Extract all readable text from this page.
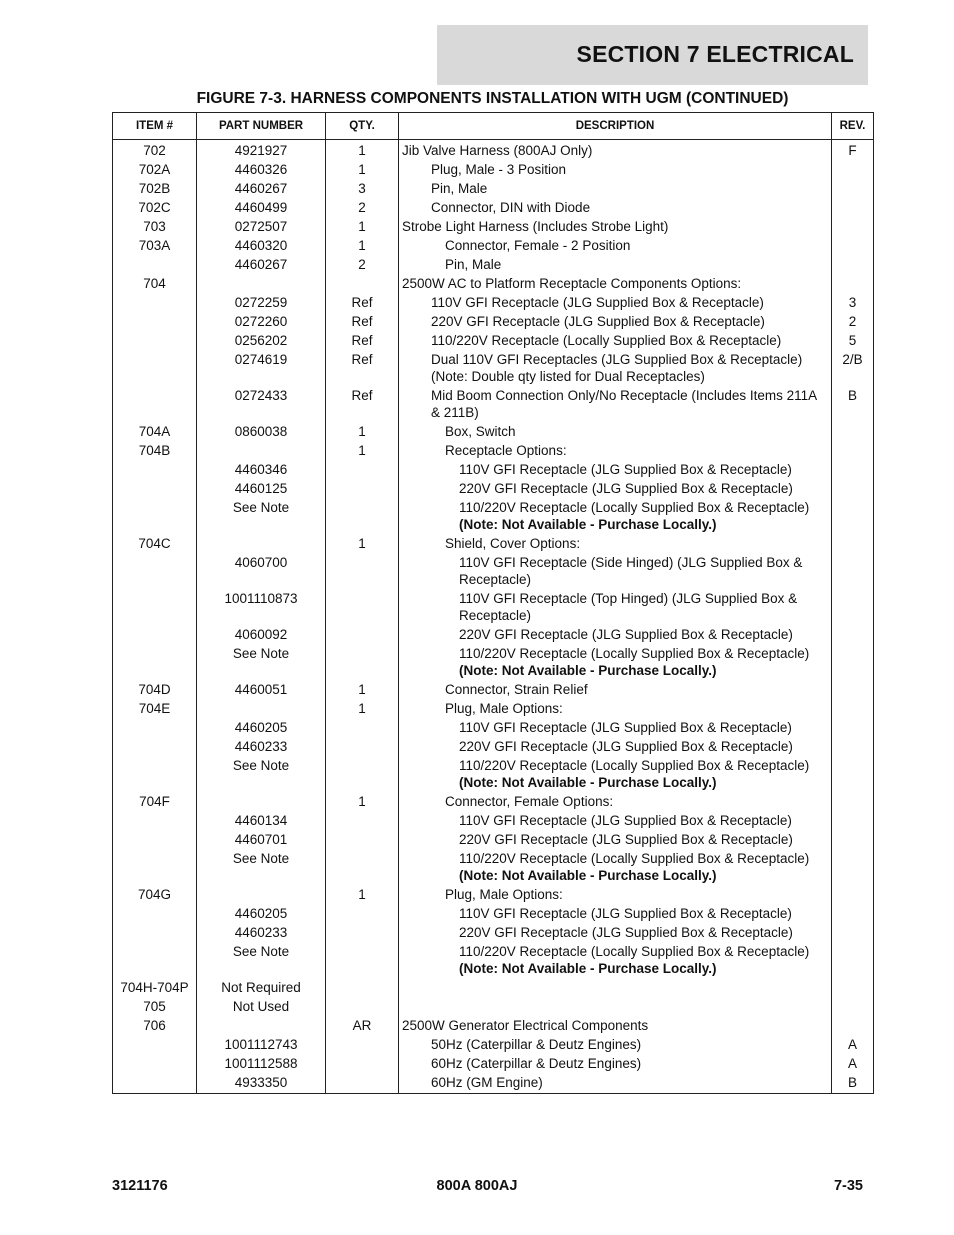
SECTION 7 ELECTRICAL
FIGURE 7-3. HARNESS COMPONENTS INSTALLATION WITH UGM (CONTINUED)
ITEM #	PART NUMBER	QTY.	DESCRIPTION	REV.
702	4921927	1	Jib Valve Harness (800AJ Only)	F
702A	4460326	1	Plug, Male - 3 Position	
702B	4460267	3	Pin, Male	
702C	4460499	2	Connector, DIN with Diode	
703	0272507	1	Strobe Light Harness (Includes Strobe Light)	
703A	4460320	1	Connector, Female - 2 Position	
	4460267	2	Pin, Male	
704			2500W AC to Platform Receptacle Components Options:	
	0272259	Ref	110V GFI Receptacle (JLG Supplied Box & Receptacle)	3
	0272260	Ref	220V GFI Receptacle (JLG Supplied Box & Receptacle)	2
	0256202	Ref	110/220V Receptacle (Locally Supplied Box & Receptacle)	5
	0274619	Ref	Dual 110V GFI Receptacles (JLG Supplied Box & Receptacle) (Note: Double qty listed for Dual Receptacles)	2/B
	0272433	Ref	Mid Boom Connection Only/No Receptacle (Includes Items 211A & 211B)	B
704A	0860038	1	Box, Switch	
704B		1	Receptacle Options:	
	4460346		110V GFI Receptacle (JLG Supplied Box & Receptacle)	
	4460125		220V GFI Receptacle (JLG Supplied Box & Receptacle)	
	See Note		110/220V Receptacle (Locally Supplied Box & Receptacle)
(Note: Not Available - Purchase Locally.)	

704C		1	Shield, Cover Options:	
	4060700		110V GFI Receptacle (Side Hinged) (JLG Supplied Box & Receptacle)	
	1001110873		110V GFI Receptacle (Top Hinged) (JLG Supplied Box & Receptacle)	
	4060092		220V GFI Receptacle (JLG Supplied Box & Receptacle)	
	See Note		110/220V Receptacle (Locally Supplied Box & Receptacle)
(Note: Not Available - Purchase Locally.)	

704D	4460051	1	Connector, Strain Relief	
704E		1	Plug, Male Options:	
	4460205		110V GFI Receptacle (JLG Supplied Box & Receptacle)	
	4460233		220V GFI Receptacle (JLG Supplied Box & Receptacle)	
	See Note		110/220V Receptacle (Locally Supplied Box & Receptacle)
(Note: Not Available - Purchase Locally.)	

704F		1	Connector, Female Options:	
	4460134		110V GFI Receptacle (JLG Supplied Box & Receptacle)	
	4460701		220V GFI Receptacle (JLG Supplied Box & Receptacle)	
	See Note		110/220V Receptacle (Locally Supplied Box & Receptacle)
(Note: Not Available - Purchase Locally.)	

704G		1	Plug, Male Options:	
	4460205		110V GFI Receptacle (JLG Supplied Box & Receptacle)	
	4460233		220V GFI Receptacle (JLG Supplied Box & Receptacle)	
	See Note		110/220V Receptacle (Locally Supplied Box & Receptacle)
(Note: Not Available - Purchase Locally.)	

704H-704P	Not Required			
705	Not Used			
706		AR	2500W Generator Electrical Components	
	1001112743		50Hz (Caterpillar & Deutz Engines)	A
	1001112588		60Hz (Caterpillar & Deutz Engines)	A
	4933350		60Hz (GM Engine)	B
3121176	800A 800AJ	7-35
